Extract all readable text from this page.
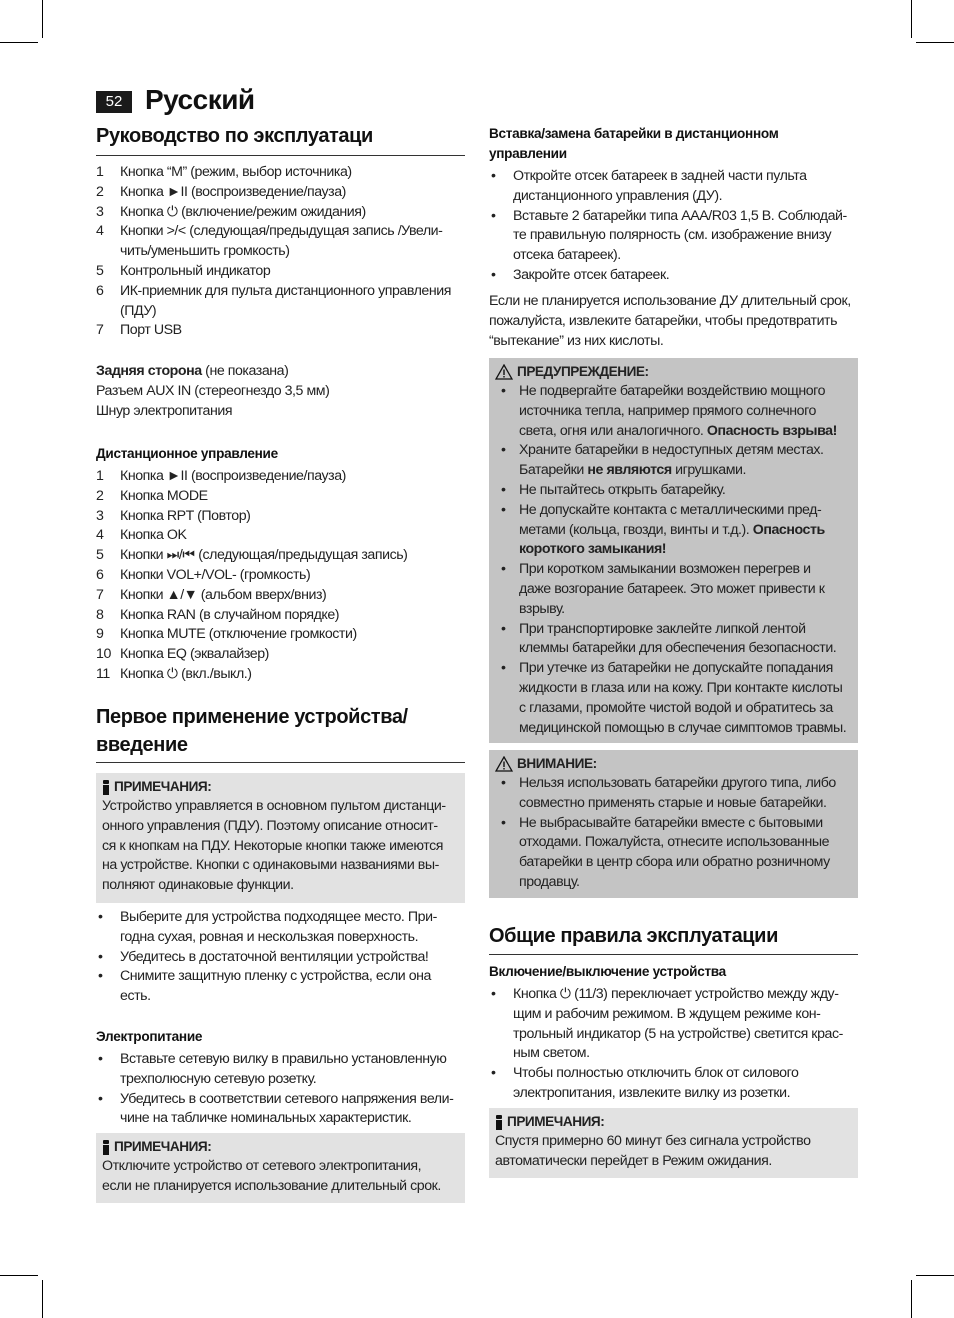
52 Русский
Руководство по эксплуатаци
1	Кнопка “M” (режим, выбор источника)
2	Кнопка ►II (воспроизведение/пауза)
3	Кнопка ⏻ (включение/режим ожидания)
4	Кнопки >/< (следующая/предыдущая запись /Увели-чить/уменьшить громкость)
5	Контрольный индикатор
6	ИК-приемник для пульта дистанционного управления (ПДУ)
7	Порт USB
Задняя сторона (не показана)
Разъем AUX IN (стереогнездо 3,5 мм)
Шнур электропитания
Дистанционное управление
1	Кнопка ►II (воспроизведение/пауза)
2	Кнопка MODE
3	Кнопка RPT (Повтор)
4	Кнопка OK
5	Кнопки ⏭/⏮ (следующая/предыдущая запись)
6	Кнопки VOL+/VOL- (громкость)
7	Кнопки ▲/▼ (альбом вверх/вниз)
8	Кнопка RAN (в случайном порядке)
9	Кнопка MUTE (отключение громкости)
10 Кнопка EQ (эквалайзер)
11 Кнопка ⏻ (вкл./выкл.)
Первое применение устройства/
введение
ПРИМЕЧАНИЯ:
Устройство управляется в основном пультом дистанци-
онного управления (ПДУ). Поэтому описание относит-
ся к кнопкам на ПДУ. Некоторые кнопки также имеются
на устройстве. Кнопки с одинаковыми названиями вы-
полняют одинаковые функции.
• Выберите для устройства подходящее место. При-
годна сухая, ровная и нескользкая поверхность.
• Убедитесь в достаточной вентиляции устройства!
• Снимите защитную пленку с устройства, если она
есть.
Электропитание
• Вставьте сетевую вилку в правильно установленную
трехполюсную сетевую розетку.
• Убедитесь в соответствии сетевого напряжения вели-
чине на табличке номинальных характеристик.
ПРИМЕЧАНИЯ:
Отключите устройство от сетевого электропитания,
если не планируется использование длительный срок.
Вставка/замена батарейки в дистанционном
управлении
• Откройте отсек батареек в задней части пульта
дистанционного управления (ДУ).
• Вставьте 2 батарейки типа AAA/R03 1,5 В. Соблюдай-
те правильную полярность (см. изображение внизу
отсека батареек).
• Закройте отсек батареек.
Если не планируется использование ДУ длительный срок,
пожалуйста, извлеките батарейки, чтобы предотвратить
“вытекание” из них кислоты.
ПРЕДУПРЕЖДЕНИЕ:
• Не подвергайте батарейки воздействию мощного
источника тепла, например прямого солнечного
света, огня или аналогичного. Опасность взрыва!
• Храните батарейки в недоступных детям местах.
Батарейки не являются игрушками.
• Не пытайтесь открыть батарейку.
• Не допускайте контакта с металлическими пред-
метами (кольца, гвозди, винты и т.д.). Опасность
короткого замыкания!
• При коротком замыкании возможен перегрев и
даже возгорание батареек. Это может привести к
взрыву.
• При транспортировке заклейте липкой лентой
клеммы батарейки для обеспечения безопасности.
• При утечке из батарейки не допускайте попадания
жидкости в глаза или на кожу. При контакте кислоты
с глазами, промойте чистой водой и обратитесь за
медицинской помощью в случае симптомов травмы.
ВНИМАНИЕ:
• Нельзя использовать батарейки другого типа, либо
совместно применять старые и новые батарейки.
• Не выбрасывайте батарейки вместе с бытовыми
отходами. Пожалуйста, отнесите использованные
батарейки в центр сбора или обратно розничному
продавцу.
Общие правила эксплуатации
Включение/выключение устройства
• Кнопка ⏻ (11/3) переключает устройство между жду-
щим и рабочим режимом. В ждущем режиме кон-
трольный индикатор (5 на устройстве) светится крас-
ным светом.
• Чтобы полностью отключить блок от силового
электропитания, извлеките вилку из розетки.
ПРИМЕЧАНИЯ:
Спустя примерно 60 минут без сигнала устройство
автоматически перейдет в Режим ожидания.
